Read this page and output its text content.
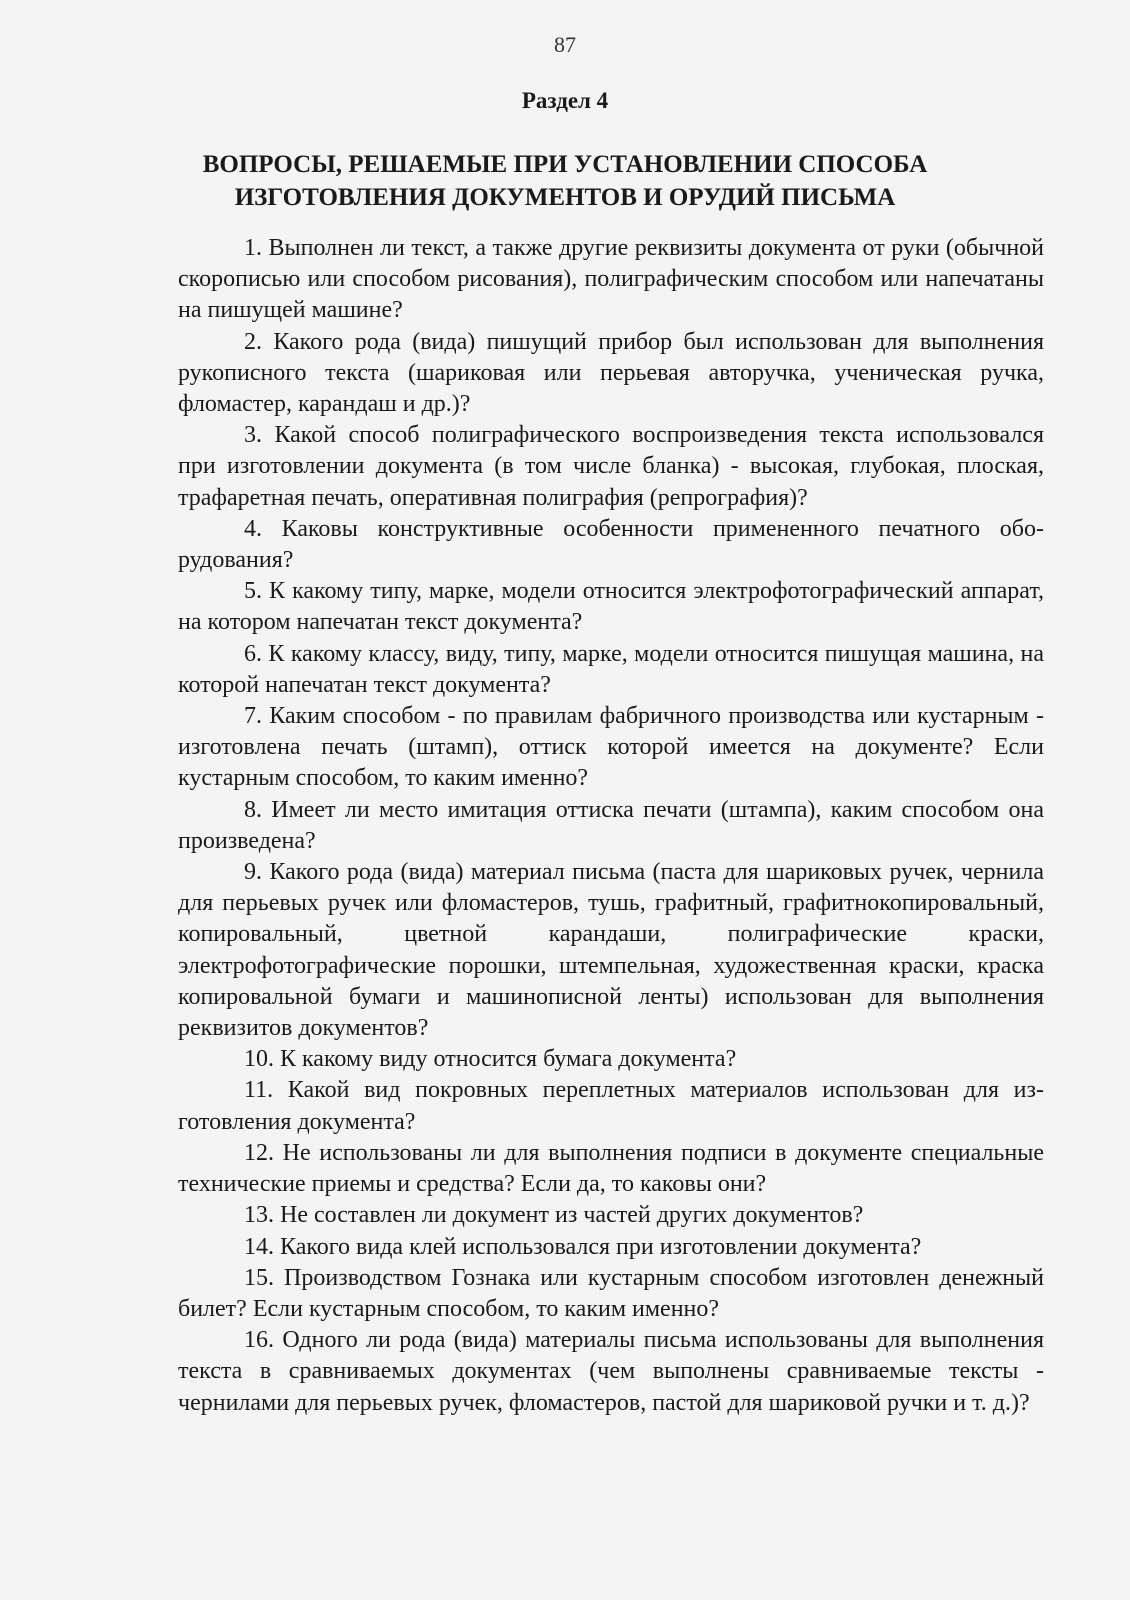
87
Раздел 4
ВОПРОСЫ, РЕШАЕМЫЕ ПРИ УСТАНОВЛЕНИИ СПОСОБА
ИЗГОТОВЛЕНИЯ ДОКУМЕНТОВ И ОРУДИЙ ПИСЬМА
1. Выполнен ли текст, а также другие реквизиты документа от руки (обычной скорописью или способом рисования), полиграфическим способом или напечатаны на пишущей машине?
2. Какого рода (вида) пишущий прибор был использован для выполнения рукописного текста (шариковая или перьевая авторучка, ученическая ручка, фломастер, карандаш и др.)?
3. Какой способ полиграфического воспроизведения текста использовался при изготовлении документа (в том числе бланка) - высокая, глубокая, плоская, трафаретная печать, оперативная полиграфия (репрография)?
4. Каковы конструктивные особенности примененного печатного оборудования?
5. К какому типу, марке, модели относится электрофотографический аппарат, на котором напечатан текст документа?
6. К какому классу, виду, типу, марке, модели относится пишущая машина, на которой напечатан текст документа?
7. Каким способом - по правилам фабричного производства или кустарным - изготовлена печать (штамп), оттиск которой имеется на документе? Если кустарным способом, то каким именно?
8. Имеет ли место имитация оттиска печати (штампа), каким способом она произведена?
9. Какого рода (вида) материал письма (паста для шариковых ручек, чернила для перьевых ручек или фломастеров, тушь, графитный, графитнокопировальный, копировальный, цветной карандаши, полиграфические краски, электрофотографические порошки, штемпельная, художественная краски, краска копировальной бумаги и машинописной ленты) использован для выполнения реквизитов документов?
10. К какому виду относится бумага документа?
11. Какой вид покровных переплетных материалов использован для изготовления документа?
12. Не использованы ли для выполнения подписи в документе специальные технические приемы и средства? Если да, то каковы они?
13. Не составлен ли документ из частей других документов?
14. Какого вида клей использовался при изготовлении документа?
15. Производством Гознака или кустарным способом изготовлен денежный билет? Если кустарным способом, то каким именно?
16. Одного ли рода (вида) материалы письма использованы для выполнения текста в сравниваемых документах (чем выполнены сравниваемые тексты - чернилами для перьевых ручек, фломастеров, пастой для шариковой ручки и т. д.)?
